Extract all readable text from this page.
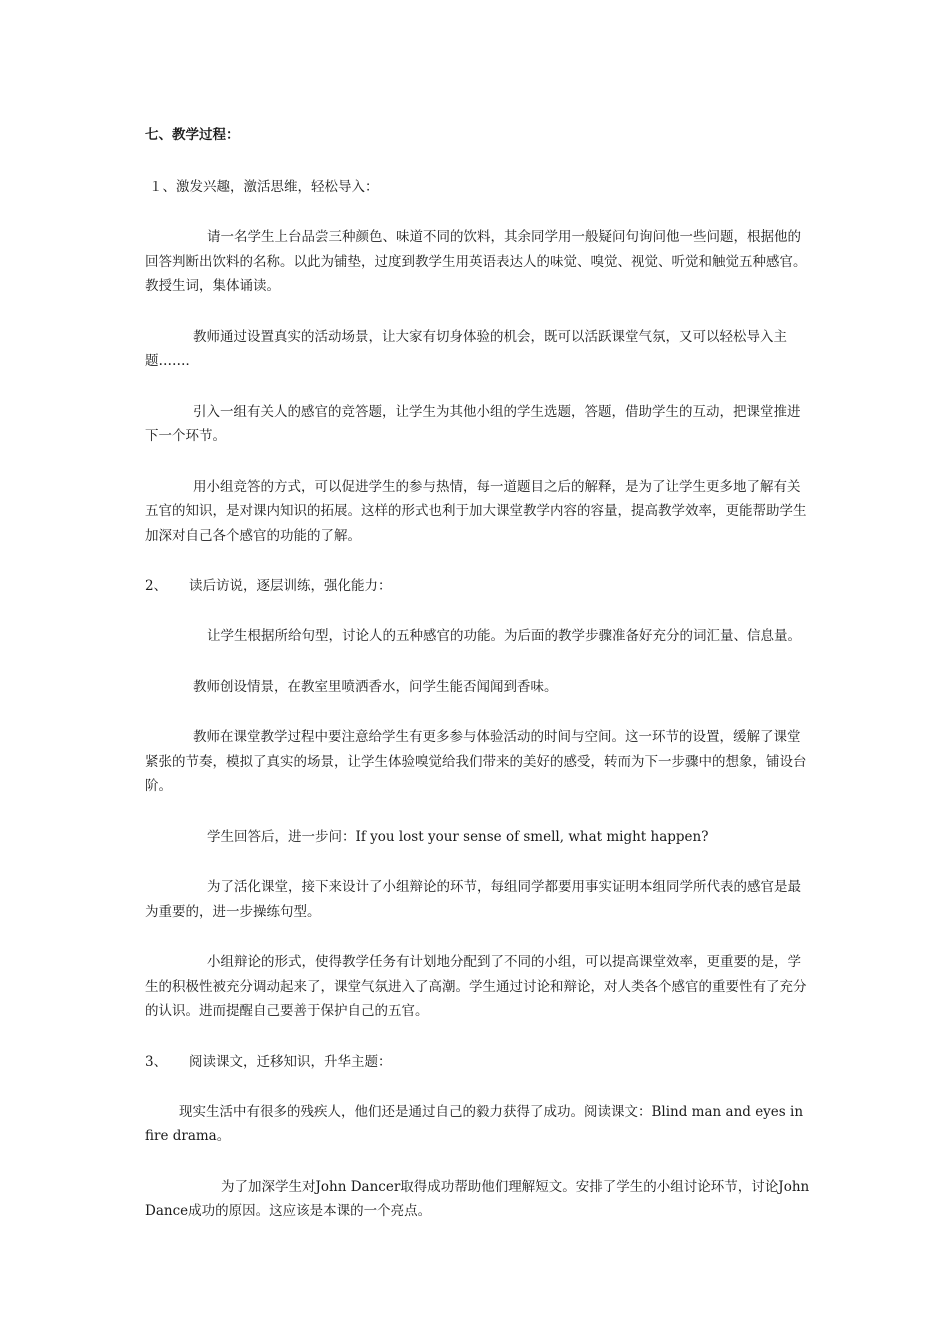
七、教学过程：
１、激发兴趣，激活思维，轻松导入：

请一名学生上台品尝三种颜色、味道不同的饮料，其余同学用一般疑问句询问他一些问题，根据他的回答判断出饮料的名称。以此为铺垫，过度到教学生用英语表达人的味觉、嗅觉、视觉、听觉和触觉五种感官。教授生词，集体诵读。

教师通过设置真实的活动场景，让大家有切身体验的机会，既可以活跃课堂气氛，又可以轻松导入主题……．

引入一组有关人的感官的竞答题，让学生为其他小组的学生选题，答题，借助学生的互动，把课堂推进下一个环节。

用小组竞答的方式，可以促进学生的参与热情，每一道题目之后的解释，是为了让学生更多地了解有关五官的知识，是对课内知识的拓展。这样的形式也利于加大课堂教学内容的容量，提高教学效率，更能帮助学生加深对自己各个感官的功能的了解。

2、 读后访说，逐层训练，强化能力：

让学生根据所给句型，讨论人的五种感官的功能。为后面的教学步骤准备好充分的词汇量、信息量。

教师创设情景，在教室里喷洒香水，问学生能否闻闻到香味。

教师在课堂教学过程中要注意给学生有更多参与体验活动的时间与空间。这一环节的设置，缓解了课堂紧张的节奏，模拟了真实的场景，让学生体验嗅觉给我们带来的美好的感受，转而为下一步骤中的想象，铺设台阶。

学生回答后，进一步问：If you lost your sense of smell, what might happen?

为了活化课堂，接下来设计了小组辩论的环节，每组同学都要用事实证明本组同学所代表的感官是最为重要的，进一步操练句型。

小组辩论的形式，使得教学任务有计划地分配到了不同的小组，可以提高课堂效率，更重要的是，学生的积极性被充分调动起来了，课堂气氛进入了高潮。学生通过讨论和辩论，对人类各个感官的重要性有了充分的认识。进而提醒自己要善于保护自己的五官。

3、 阅读课文，迁移知识，升华主题：

现实生活中有很多的残疾人，他们还是通过自己的毅力获得了成功。阅读课文：Blind man and eyes in fire drama。

为了加深学生对John Dancer取得成功帮助他们理解短文。安排了学生的小组讨论环节，讨论John Dance成功的原因。这应该是本课的一个亮点。
